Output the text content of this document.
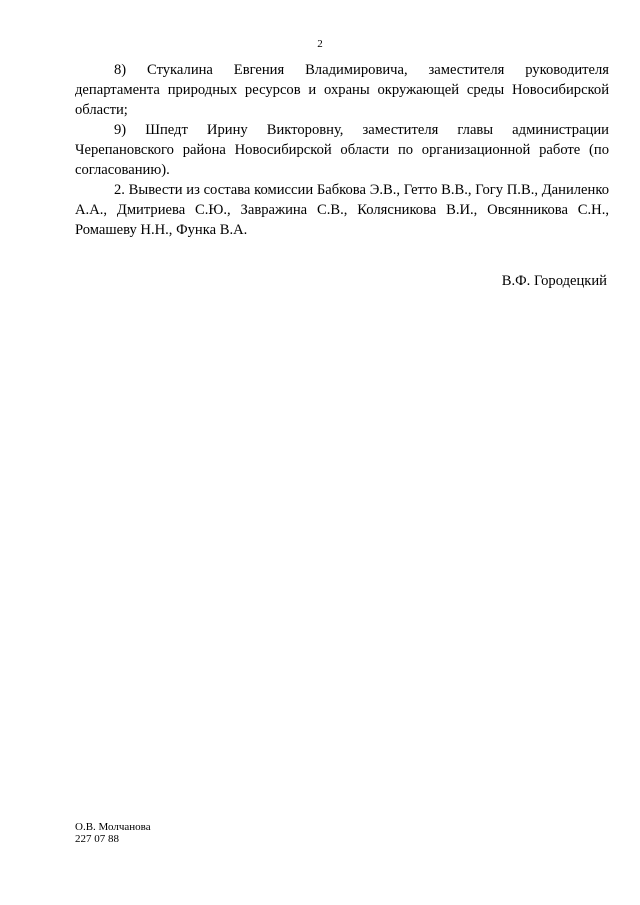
2

8) Стукалина Евгения Владимировича, заместителя руководителя департамента природных ресурсов и охраны окружающей среды Новосибирской области;

9) Шпедт Ирину Викторовну, заместителя главы администрации Черепановского района Новосибирской области по организационной работе (по согласованию).

2. Вывести из состава комиссии Бабкова Э.В., Гетто В.В., Гогу П.В., Даниленко А.А., Дмитриева С.Ю., Завражина С.В., Колясникова В.И., Овсянникова С.Н., Ромашеву Н.Н., Функа В.А.

В.Ф. Городецкий
О.В. Молчанова
227 07 88
